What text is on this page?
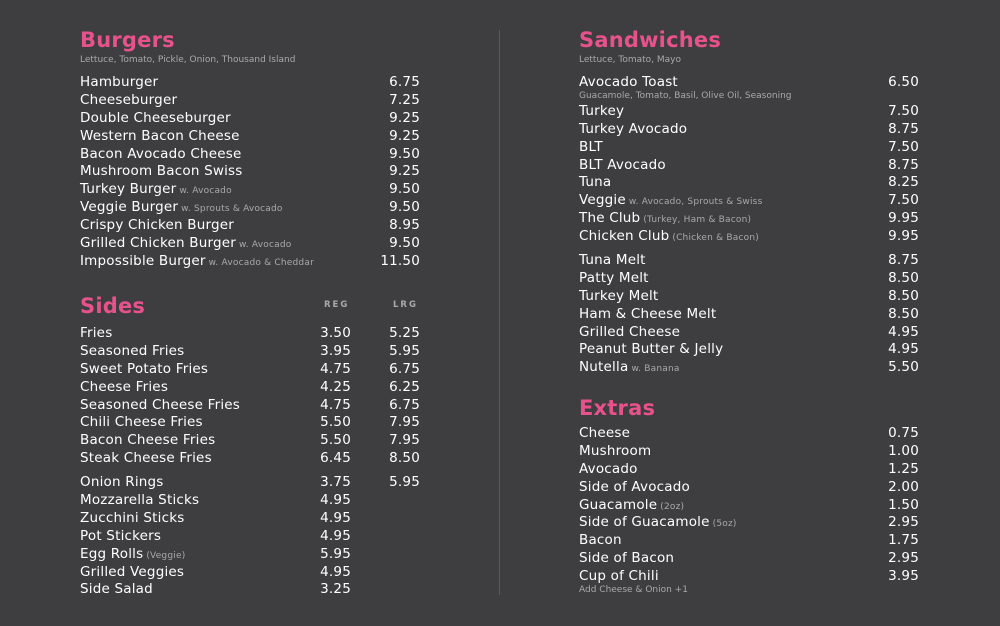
Burgers
Lettuce, Tomato, Pickle, Onion, Thousand Island
Hamburger	6.75
Cheeseburger	7.25
Double Cheeseburger	9.25
Western Bacon Cheese	9.25
Bacon Avocado Cheese	9.50
Mushroom Bacon Swiss	9.25
Turkey Burger w. Avocado	9.50
Veggie Burger w. Sprouts & Avocado	9.50
Crispy Chicken Burger	8.95
Grilled Chicken Burger w. Avocado	9.50
Impossible Burger w. Avocado & Cheddar	11.50
Sides	REG	LRG
Fries	3.50	5.25
Seasoned Fries	3.95	5.95
Sweet Potato Fries	4.75	6.75
Cheese Fries	4.25	6.25
Seasoned Cheese Fries	4.75	6.75
Chili Cheese Fries	5.50	7.95
Bacon Cheese Fries	5.50	7.95
Steak Cheese Fries	6.45	8.50
Onion Rings	3.75	5.95
Mozzarella Sticks	4.95
Zucchini Sticks	4.95
Pot Stickers	4.95
Egg Rolls (Veggie)	5.95
Grilled Veggies	4.95
Side Salad	3.25
Sandwiches
Lettuce, Tomato, Mayo
Avocado Toast	6.50
Guacamole, Tomato, Basil, Olive Oil, Seasoning
Turkey	7.50
Turkey Avocado	8.75
BLT	7.50
BLT Avocado	8.75
Tuna	8.25
Veggie w. Avocado, Sprouts & Swiss	7.50
The Club (Turkey, Ham & Bacon)	9.95
Chicken Club (Chicken & Bacon)	9.95
Tuna Melt	8.75
Patty Melt	8.50
Turkey Melt	8.50
Ham & Cheese Melt	8.50
Grilled Cheese	4.95
Peanut Butter & Jelly	4.95
Nutella w. Banana	5.50
Extras
Cheese	0.75
Mushroom	1.00
Avocado	1.25
Side of Avocado	2.00
Guacamole (2oz)	1.50
Side of Guacamole (5oz)	2.95
Bacon	1.75
Side of Bacon	2.95
Cup of Chili	3.95
Add Cheese & Onion +1
